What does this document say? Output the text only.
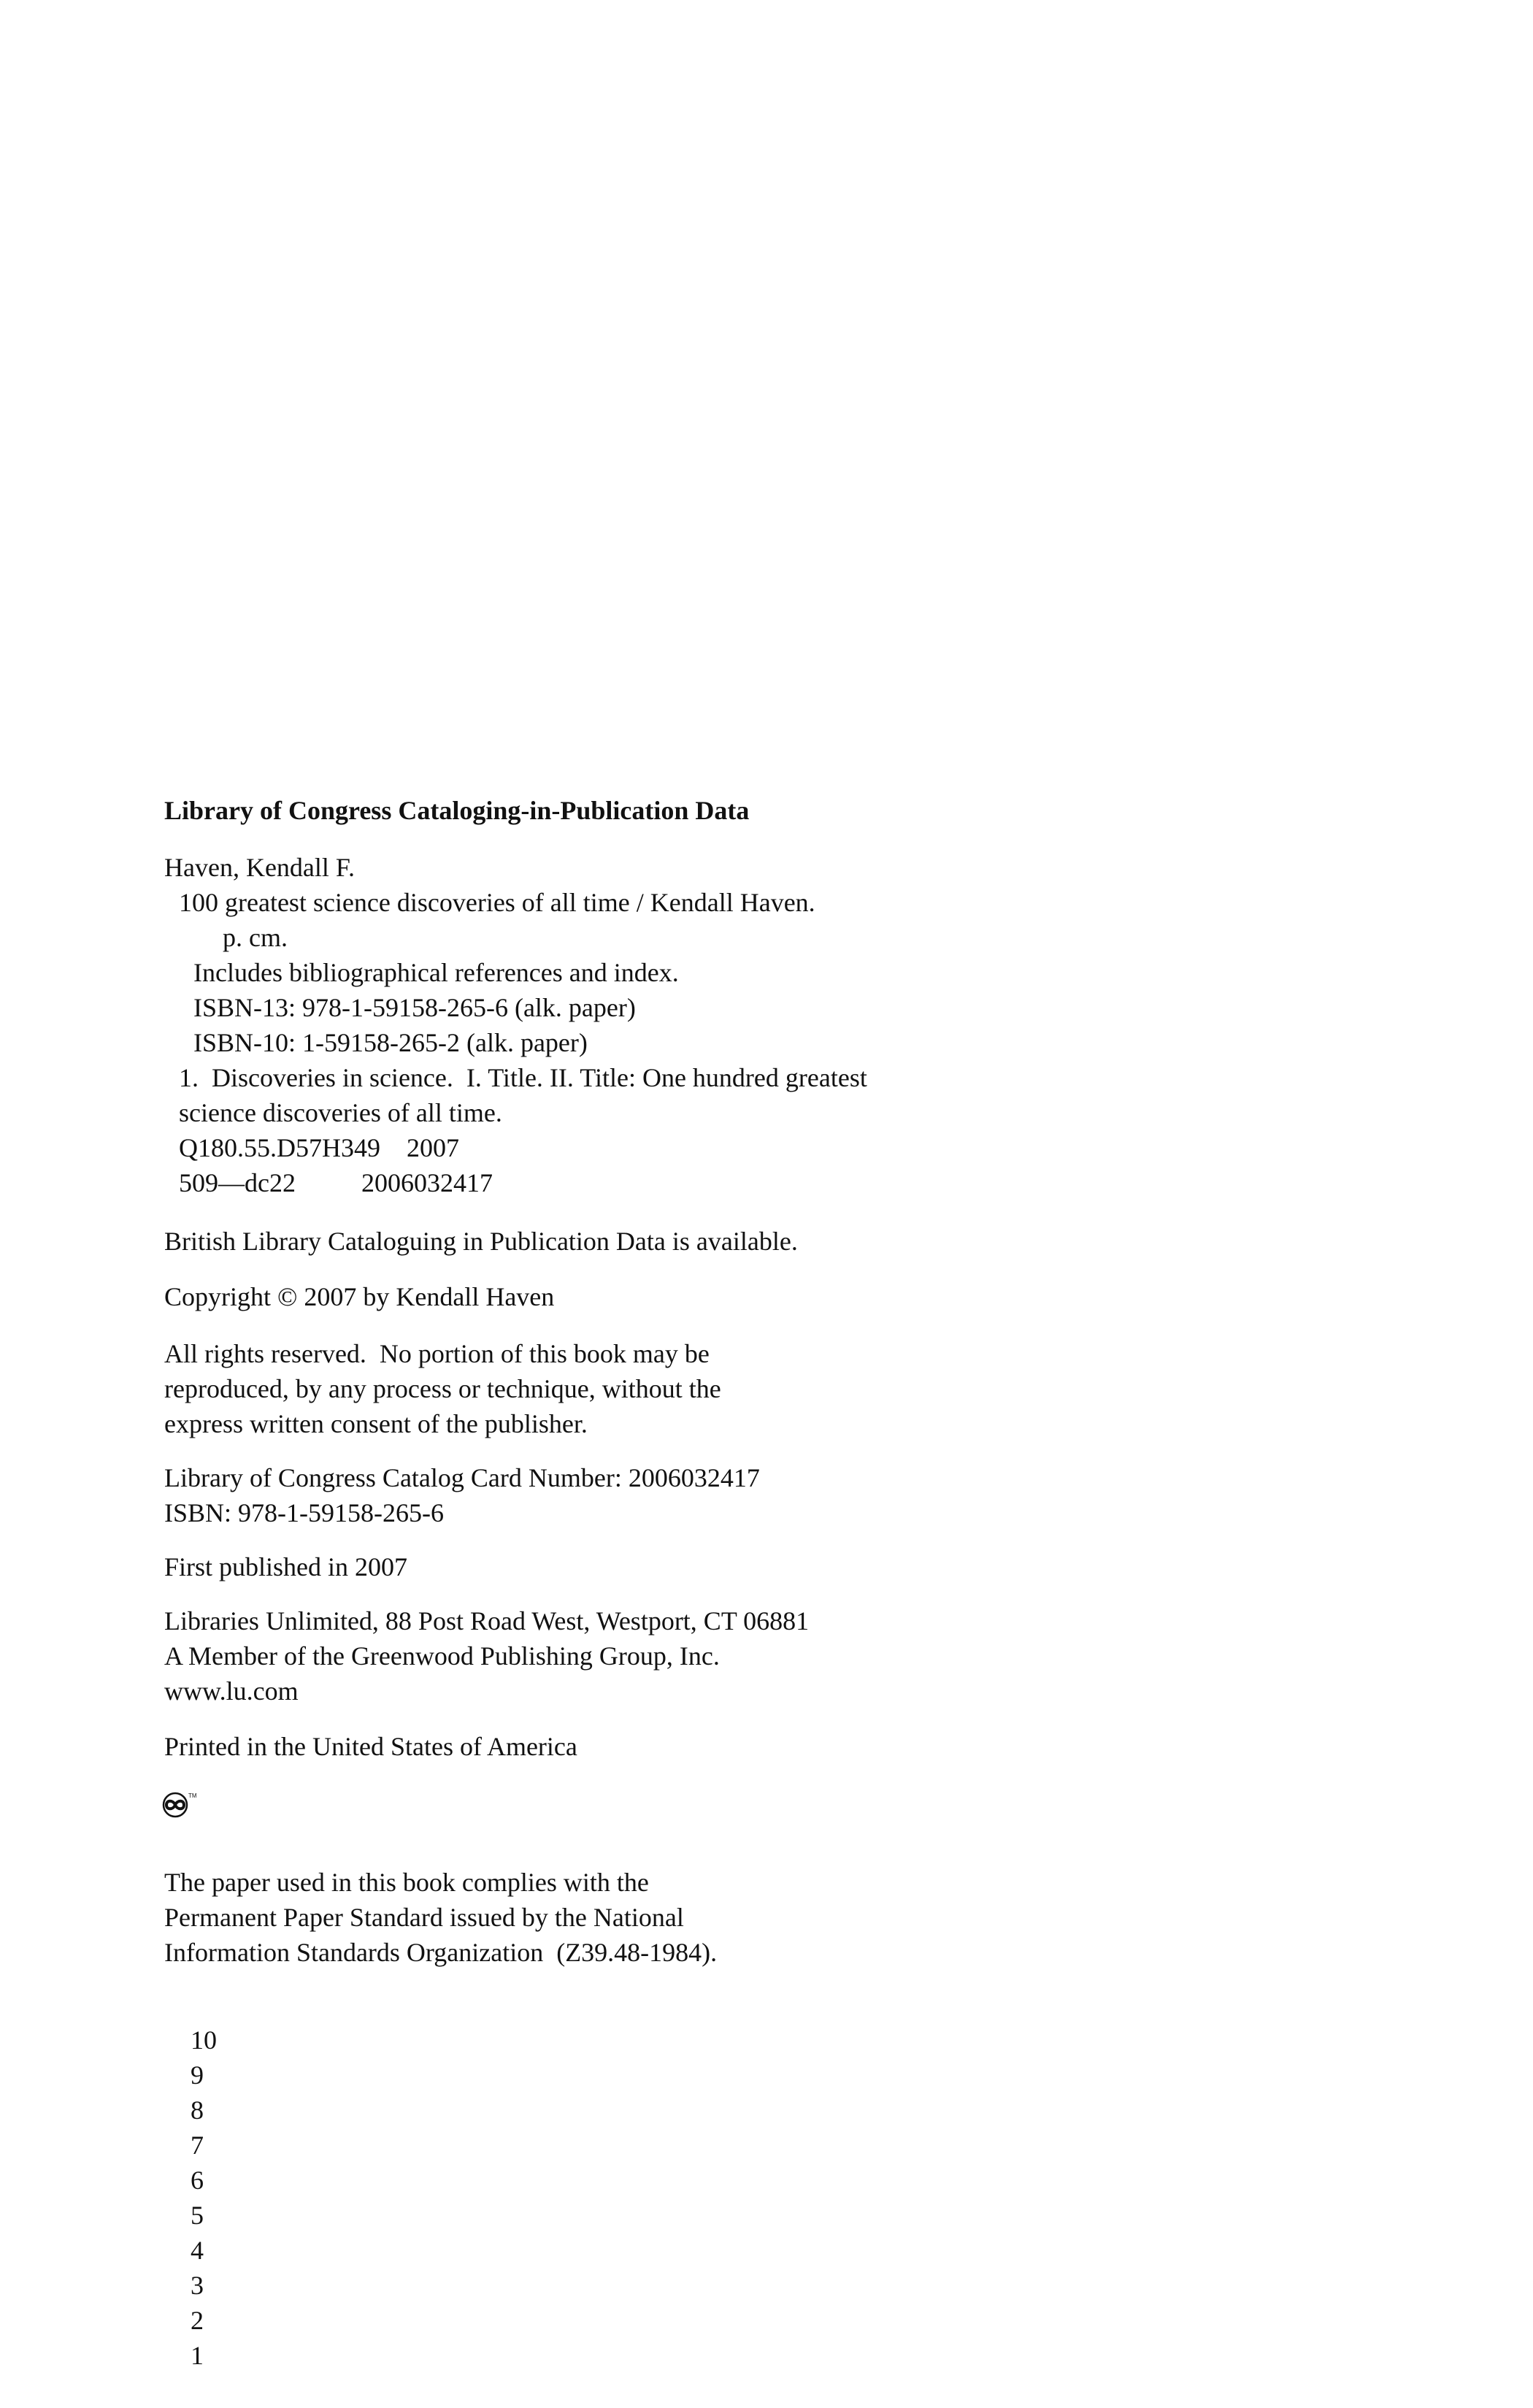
Library of Congress Cataloging-in-Publication Data
Haven, Kendall F.

100 greatest science discoveries of all time / Kendall Haven.

p. cm.

Includes bibliographical references and index.

ISBN-13: 978-1-59158-265-6 (alk. paper)

ISBN-10: 1-59158-265-2 (alk. paper)

1.  Discoveries in science.  I. Title. II. Title: One hundred greatest

science discoveries of all time.

Q180.55.D57H349    2007

509—dc22          2006032417

British Library Cataloguing in Publication Data is available.
Copyright © 2007 by Kendall Haven
All rights reserved.  No portion of this book may be
reproduced, by any process or technique, without the
express written consent of the publisher.
Library of Congress Catalog Card Number: 2006032417
ISBN: 978-1-59158-265-6
First published in 2007
Libraries Unlimited, 88 Post Road West, Westport, CT 06881
A Member of the Greenwood Publishing Group, Inc.
www.lu.com
Printed in the United States of America
TM
The paper used in this book complies with the
Permanent Paper Standard issued by the National
Information Standards Organization  (Z39.48-1984).

10
9
8
7
6
5
4
3
2
1
